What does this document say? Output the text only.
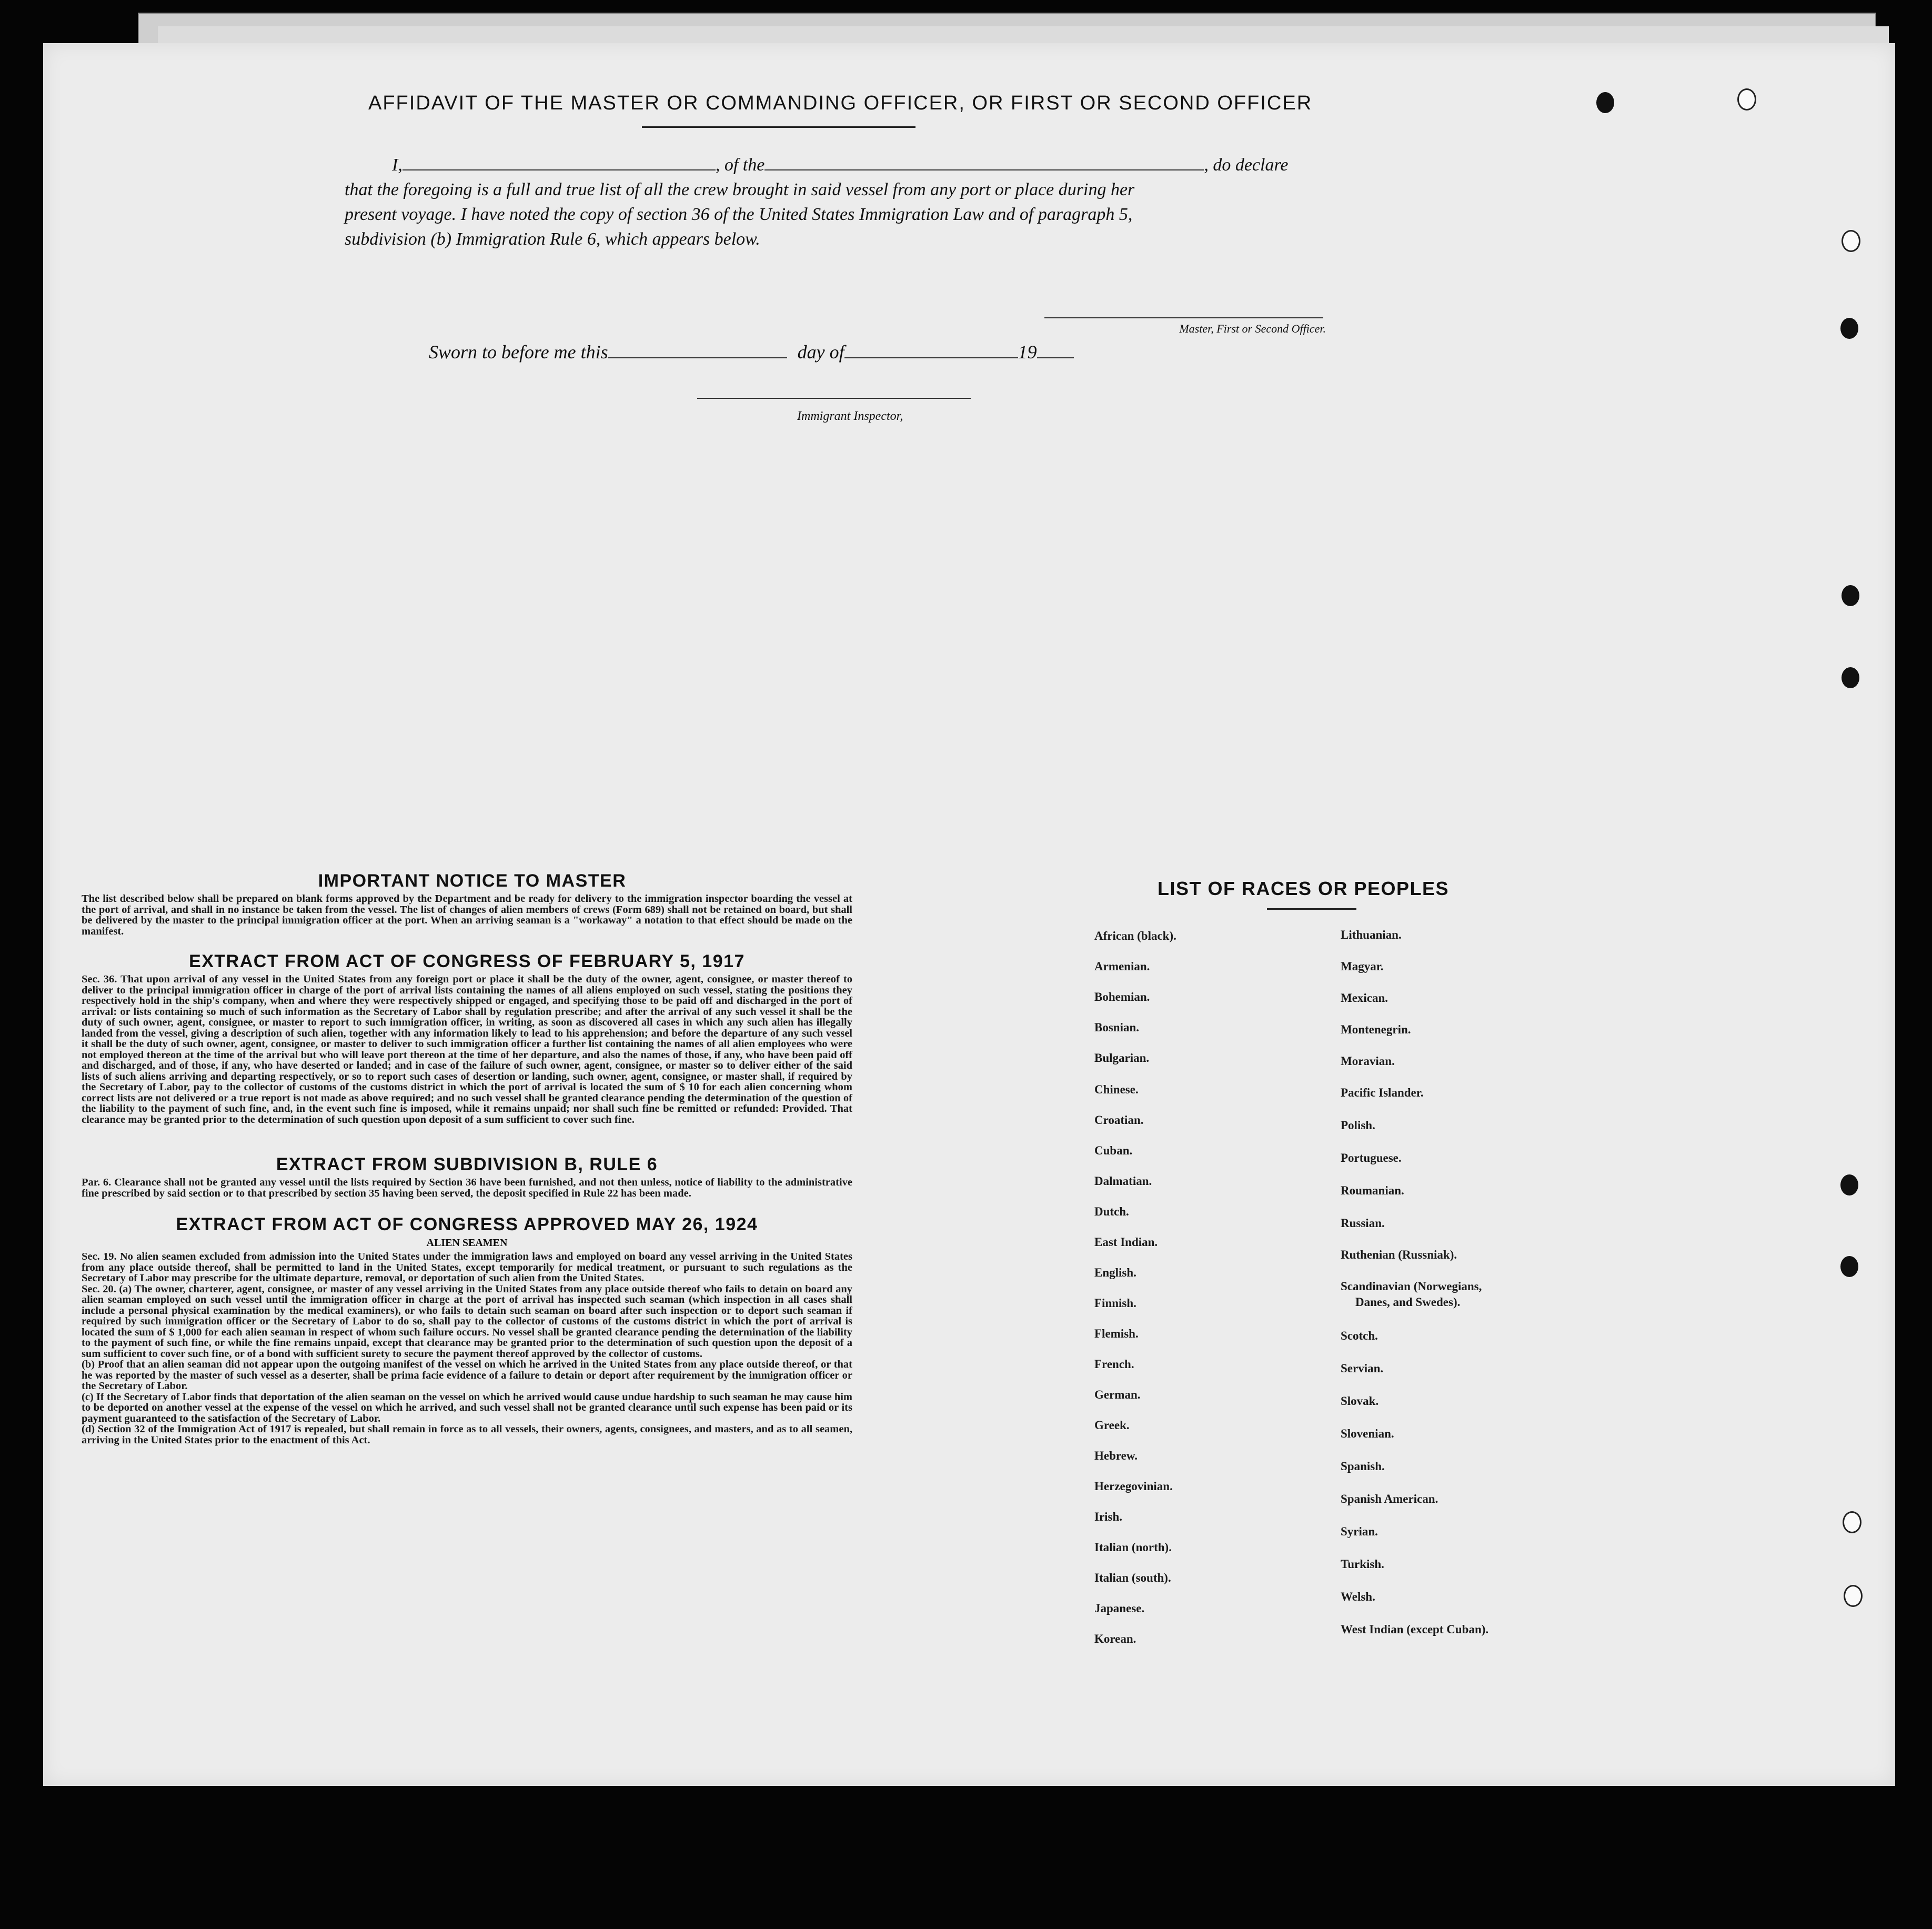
AFFIDAVIT OF THE MASTER OR COMMANDING OFFICER, OR FIRST OR SECOND OFFICER
I,	, of the	, do declare
that the foregoing is a full and true list of all the crew brought in said vessel from any port or place during her
present voyage. I have noted the copy of section 36 of the United States Immigration Law and of paragraph 5,
subdivision (b) Immigration Rule 6, which appears below.
Master, First or Second Officer.
Sworn to before me this	day of	19
Immigrant Inspector,
IMPORTANT NOTICE TO MASTER

The list described below shall be prepared on blank forms approved by the Department and be ready for delivery to the immigration inspector boarding the vessel at the port of arrival, and shall in no instance be taken from the vessel. The list of changes of alien members of crews (Form 689) shall not be retained on board, but shall be delivered by the master to the principal immigration officer at the port. When an arriving seaman is a "workaway" a notation to that effect should be made on the manifest.

EXTRACT FROM ACT OF CONGRESS OF FEBRUARY 5, 1917

Sec. 36. That upon arrival of any vessel in the United States from any foreign port or place it shall be the duty of the owner, agent, consignee, or master thereof to deliver to the principal immigration officer in charge of the port of arrival lists containing the names of all aliens employed on such vessel, stating the positions they respectively hold in the ship's company, when and where they were respectively shipped or engaged, and specifying those to be paid off and discharged in the port of arrival: or lists containing so much of such information as the Secretary of Labor shall by regulation prescribe; and after the arrival of any such vessel it shall be the duty of such owner, agent, consignee, or master to report to such immigration officer, in writing, as soon as discovered all cases in which any such alien has illegally landed from the vessel, giving a description of such alien, together with any information likely to lead to his apprehension; and before the departure of any such vessel it shall be the duty of such owner, agent, consignee, or master to deliver to such immigration officer a further list containing the names of all alien employees who were not employed thereon at the time of the arrival but who will leave port thereon at the time of her departure, and also the names of those, if any, who have been paid off and discharged, and of those, if any, who have deserted or landed; and in case of the failure of such owner, agent, consignee, or master so to deliver either of the said lists of such aliens arriving and departing respectively, or so to report such cases of desertion or landing, such owner, agent, consignee, or master shall, if required by the Secretary of Labor, pay to the collector of customs of the customs district in which the port of arrival is located the sum of $ 10 for each alien concerning whom correct lists are not delivered or a true report is not made as above required; and no such vessel shall be granted clearance pending the determination of the question of the liability to the payment of such fine, and, in the event such fine is imposed, while it remains unpaid; nor shall such fine be remitted or refunded: Provided. That clearance may be granted prior to the determination of such question upon deposit of a sum sufficient to cover such fine.

EXTRACT FROM SUBDIVISION B, RULE 6

Par. 6. Clearance shall not be granted any vessel until the lists required by Section 36 have been furnished, and not then unless, notice of liability to the administrative fine prescribed by said section or to that prescribed by section 35 having been served, the deposit specified in Rule 22 has been made.

EXTRACT FROM ACT OF CONGRESS APPROVED MAY 26, 1924
ALIEN SEAMEN

Sec. 19. No alien seamen excluded from admission into the United States under the immigration laws and employed on board any vessel arriving in the United States from any place outside thereof, shall be permitted to land in the United States, except temporarily for medical treatment, or pursuant to such regulations as the Secretary of Labor may prescribe for the ultimate departure, removal, or deportation of such alien from the United States.

Sec. 20. (a) The owner, charterer, agent, consignee, or master of any vessel arriving in the United States from any place outside thereof who fails to detain on board any alien seaman employed on such vessel until the immigration officer in charge at the port of arrival has inspected such seaman (which inspection in all cases shall include a personal physical examination by the medical examiners), or who fails to detain such seaman on board after such inspection or to deport such seaman if required by such immigration officer or the Secretary of Labor to do so, shall pay to the collector of customs of the customs district in which the port of arrival is located the sum of $ 1,000 for each alien seaman in respect of whom such failure occurs. No vessel shall be granted clearance pending the determination of the liability to the payment of such fine, or while the fine remains unpaid, except that clearance may be granted prior to the determination of such question upon the deposit of a sum sufficient to cover such fine, or of a bond with sufficient surety to secure the payment thereof approved by the collector of customs.

(b) Proof that an alien seaman did not appear upon the outgoing manifest of the vessel on which he arrived in the United States from any place outside thereof, or that he was reported by the master of such vessel as a deserter, shall be prima facie evidence of a failure to detain or deport after requirement by the immigration officer or the Secretary of Labor.

(c) If the Secretary of Labor finds that deportation of the alien seaman on the vessel on which he arrived would cause undue hardship to such seaman he may cause him to be deported on another vessel at the expense of the vessel on which he arrived, and such vessel shall not be granted clearance until such expense has been paid or its payment guaranteed to the satisfaction of the Secretary of Labor.

(d) Section 32 of the Immigration Act of 1917 is repealed, but shall remain in force as to all vessels, their owners, agents, consignees, and masters, and as to all seamen, arriving in the United States prior to the enactment of this Act.

LIST OF RACES OR PEOPLES
African (black).
Armenian.
Bohemian.
Bosnian.
Bulgarian.
Chinese.
Croatian.
Cuban.
Dalmatian.
Dutch.
East Indian.
English.
Finnish.
Flemish.
French.
German.
Greek.
Hebrew.
Herzegovinian.
Irish.
Italian (north).
Italian (south).
Japanese.
Korean.
Lithuanian.
Magyar.
Mexican.
Montenegrin.
Moravian.
Pacific Islander.
Polish.
Portuguese.
Roumanian.
Russian.
Ruthenian (Russniak).
Scandinavian (Norwegians,
Scotch.
Servian.
Slovak.
Slovenian.
Spanish.
Spanish American.
Syrian.
Turkish.
Welsh.
West Indian (except Cuban).
Danes, and Swedes).
